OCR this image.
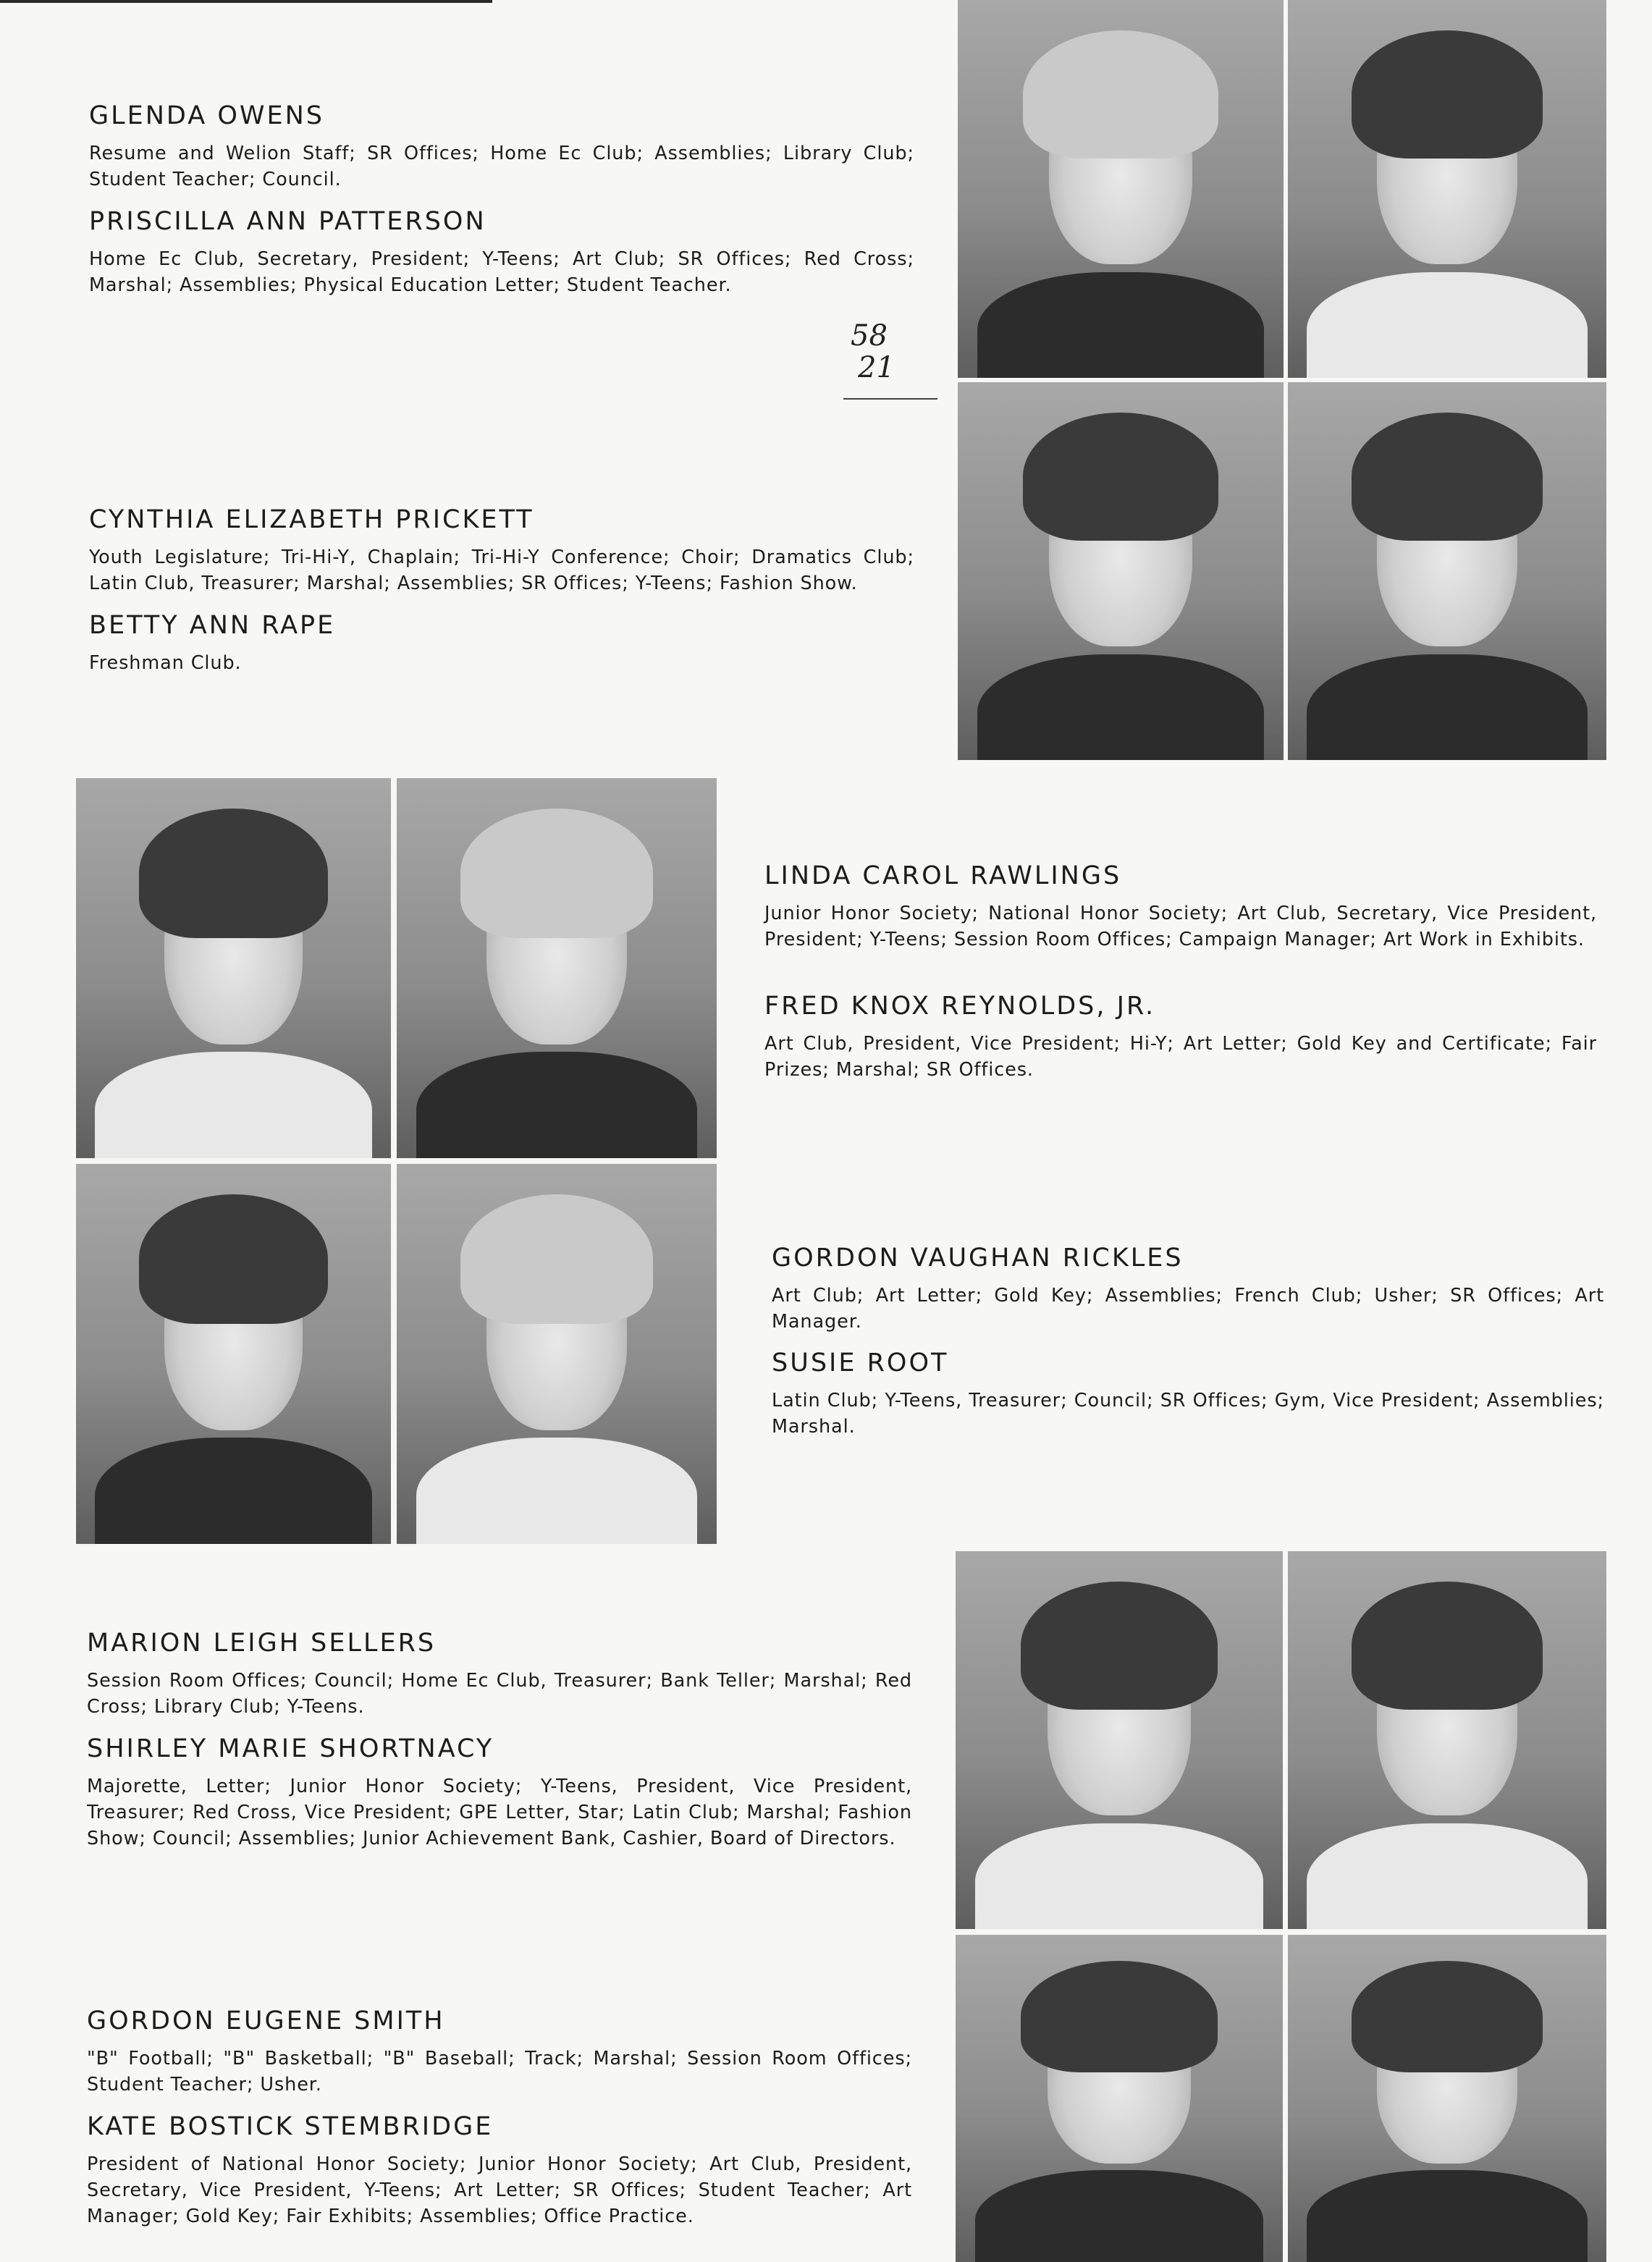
58
21
GLENDA OWENS

Resume and Welion Staff; SR Offices; Home Ec Club; Assemblies; Library Club; Student Teacher; Council.

PRISCILLA ANN PATTERSON

Home Ec Club, Secretary, President; Y-Teens; Art Club; SR Offices; Red Cross; Marshal; Assemblies; Physical Education Letter; Student Teacher.

CYNTHIA ELIZABETH PRICKETT

Youth Legislature; Tri-Hi-Y, Chaplain; Tri-Hi-Y Conference; Choir; Dramatics Club; Latin Club, Treasurer; Marshal; Assemblies; SR Offices; Y-Teens; Fashion Show.

BETTY ANN RAPE

Freshman Club.

LINDA CAROL RAWLINGS

Junior Honor Society; National Honor Society; Art Club, Secretary, Vice President, President; Y-Teens; Session Room Offices; Campaign Manager; Art Work in Exhibits.

FRED KNOX REYNOLDS, JR.

Art Club, President, Vice President; Hi-Y; Art Letter; Gold Key and Certificate; Fair Prizes; Marshal; SR Offices.

GORDON VAUGHAN RICKLES

Art Club; Art Letter; Gold Key; Assemblies; French Club; Usher; SR Offices; Art Manager.

SUSIE ROOT

Latin Club; Y-Teens, Treasurer; Council; SR Offices; Gym, Vice President; Assemblies; Marshal.

MARION LEIGH SELLERS

Session Room Offices; Council; Home Ec Club, Treasurer; Bank Teller; Marshal; Red Cross; Library Club; Y-Teens.

SHIRLEY MARIE SHORTNACY

Majorette, Letter; Junior Honor Society; Y-Teens, President, Vice President, Treasurer; Red Cross, Vice President; GPE Letter, Star; Latin Club; Marshal; Fashion Show; Council; Assemblies; Junior Achievement Bank, Cashier, Board of Directors.

GORDON EUGENE SMITH

"B" Football; "B" Basketball; "B" Baseball; Track; Marshal; Session Room Offices; Student Teacher; Usher.

KATE BOSTICK STEMBRIDGE

President of National Honor Society; Junior Honor Society; Art Club, President, Secretary, Vice President, Y-Teens; Art Letter; SR Offices; Student Teacher; Art Manager; Gold Key; Fair Exhibits; Assemblies; Office Practice.
